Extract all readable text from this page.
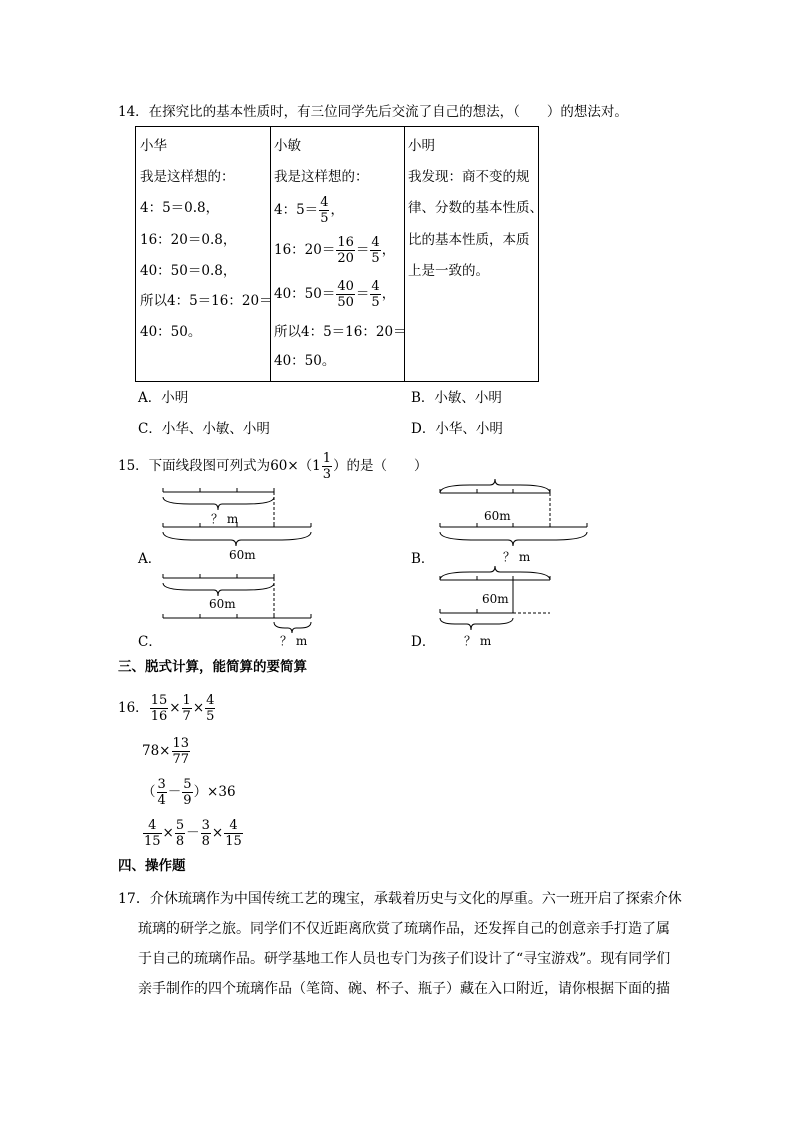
14．在探究比的基本性质时，有三位同学先后交流了自己的想法，（　　）的想法对。
小华
我是这样想的：
4：5＝0.8，
16：20＝0.8，
40：50＝0.8，
所以4：5＝16：20＝
40：50。
小敏
我是这样想的：
4：$5= \frac{4}{5}$ ，
16：$20= \frac{16}{20} = \frac{4}{5}$ ，
40：$50= \frac{40}{50} = \frac{4}{5}$ ，
所以4：5＝16：20＝
40：50。
小明
我发现：商不变的规
律、分数的基本性质、
比的基本性质，本质
上是一致的。
A．小明	B．小敏、小明
C．小华、小敏、小明	D．小华、小明
15．下面线段图可列式为$60\times(1 \frac{1}{3}$ ）的是（　　）
？ m
60m
A．
60m
？ m
B．
60m
？ m
C．
60m
？ m
D．
三、脱式计算，能简算的要简算
16． $\frac{15}{16} \times \frac{1}{7} \times \frac{4}{5}$
$78\times \frac{13}{77}$
（ $\frac{3}{4} - \frac{5}{9} )\times 36$
$\frac{4}{15} \times \frac{5}{8} - \frac{3}{8} \times \frac{4}{15}$
四、操作题
17．介休琉璃作为中国传统工艺的瑰宝，承载着历史与文化的厚重。六一班开启了探索介休
琉璃的研学之旅。同学们不仅近距离欣赏了琉璃作品，还发挥自己的创意亲手打造了属
于自己的琉璃作品。研学基地工作人员也专门为孩子们设计了“寻宝游戏”。现有同学们
亲手制作的四个琉璃作品（笔筒、碗、杯子、瓶子）藏在入口附近，请你根据下面的描
